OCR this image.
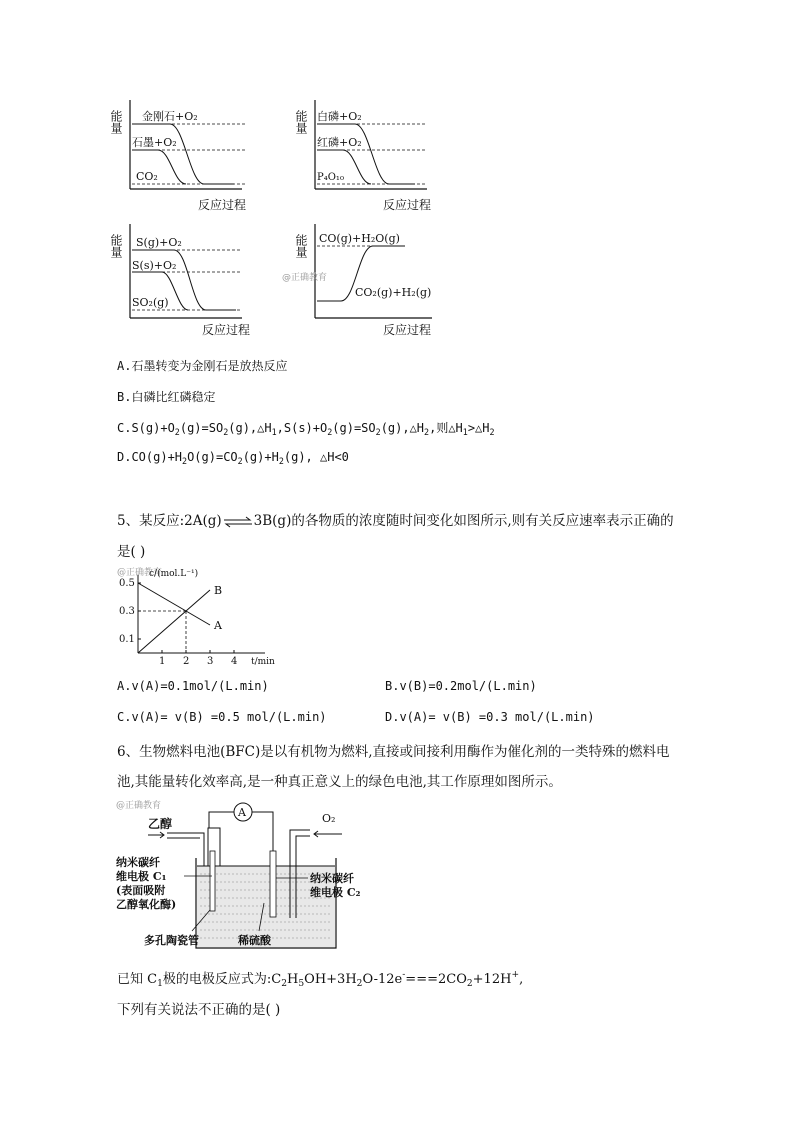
能量 金刚石+O₂
石墨+O₂
CO₂
反应过程
能量 白磷+O₂
红磷+O₂
P₄O₁₀
反应过程
能量 S(g)+O₂
S(s)+O₂
SO₂(g)
反应过程
能量 CO(g)+H₂O(g)
CO₂(g)+H₂(g)
反应过程
@正确教育
A.石墨转变为金刚石是放热反应
B.白磷比红磷稳定
$C.S(g)+O_2(g)=SO_2(g),\triangle H_1,S(s)+O_2(g)=SO_2(g),\triangle H_2$,则$\triangle H_1>\triangle H_2$
$D.CO(g)+H_2O(g)=CO_2(g)+H_2(g)$, △H<0
5、某反应:2A(g)⇌3B(g)的各物质的浓度随时间变化如图所示,则有关反应速率表示正确的
是( )
@正确教育
c/(mol.L⁻¹)
0.1
0.3
0.5
1 2 3 4
A
B
t/min
A.v(A)=0.1mol/(L.min)	B.v(B)=0.2mol/(L.min)
C.v(A)= v(B) =0.5 mol/(L.min)	D.v(A)= v(B) =0.3 mol/(L.min)
6、生物燃料电池(BFC)是以有机物为燃料,直接或间接利用酶作为催化剂的一类特殊的燃料电
池,其能量转化效率高,是一种真正意义上的绿色电池,其工作原理如图所示。
@正确教育	A
乙醇	O₂
纳米碳纤
维电极 C₁
(表面吸附
乙醇氧化酶)
纳米碳纤
维电极 C₂
多孔陶瓷管	稀硫酸
已知 $C_1$极的电极反应式为$:C_2H_5OH+3H_2O-12e^-===2CO_2+12H^+$,
下列有关说法不正确的是( )
